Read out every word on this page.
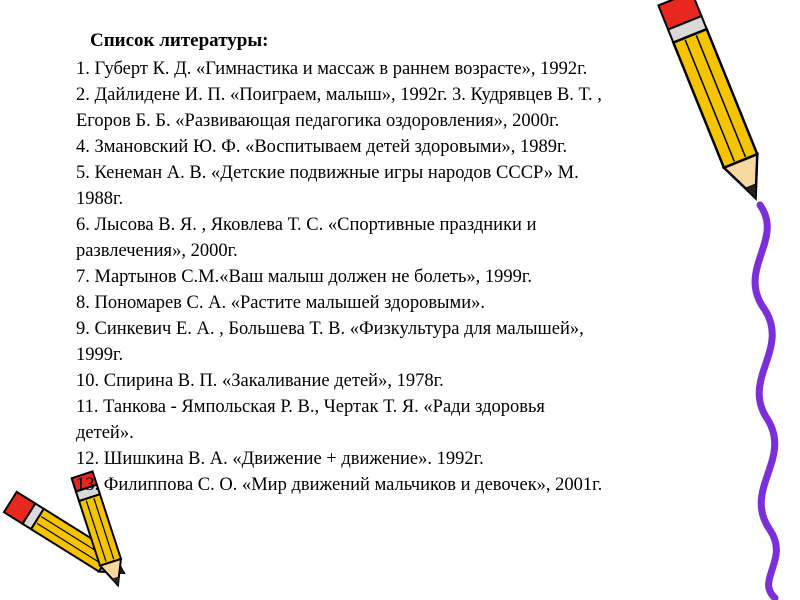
Список литературы:
1. Губерт К. Д. «Гимнастика и массаж в раннем возрасте», 1992г.
2. Дайлидене И. П. «Поиграем, малыш», 1992г. 3. Кудрявцев В. Т. ,
Егоров Б. Б. «Развивающая педагогика оздоровления», 2000г.
4. Змановский Ю. Ф. «Воспитываем детей здоровыми», 1989г.
5. Кенеман А. В. «Детские подвижные игры народов СССР» М.
1988г.
6. Лысова В. Я. , Яковлева Т. С. «Спортивные праздники и
развлечения», 2000г.
7. Мартынов С.М.«Ваш малыш должен не болеть», 1999г.
8. Пономарев С. А. «Растите малышей здоровыми».
9. Синкевич Е. А. , Большева Т. В. «Физкультура для малышей»,
1999г.
10. Спирина В. П. «Закаливание детей», 1978г.
11. Танкова - Ямпольская Р. В., Чертак Т. Я. «Ради здоровья
детей».
12. Шишкина В. А. «Движение + движение». 1992г.
13. Филиппова С. О. «Мир движений мальчиков и девочек», 2001г.
